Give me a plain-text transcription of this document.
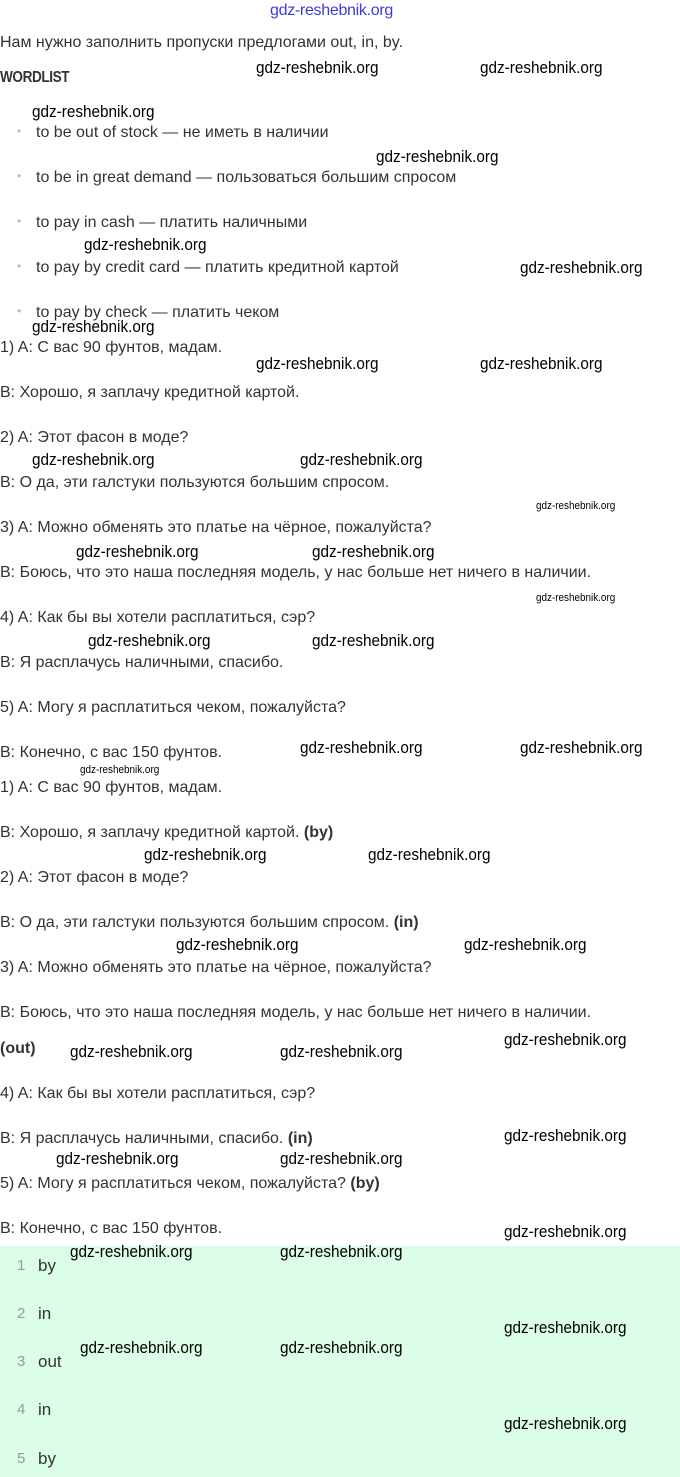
gdz-reshebnik.org
Нам нужно заполнить пропуски предлогами out, in, by.
WORDLIST
• to be out of stock — не иметь в наличии
• to be in great demand — пользоваться большим спросом
• to pay in cash — платить наличными
• to pay by credit card — платить кредитной картой
• to pay by check — платить чеком
1) A: С вас 90 фунтов, мадам.
B: Хорошо, я заплачу кредитной картой.
2) A: Этот фасон в моде?
B: О да, эти галстуки пользуются большим спросом.
3) A: Можно обменять это платье на чёрное, пожалуйста?
B: Боюсь, что это наша последняя модель, у нас больше нет ничего в наличии.
4) A: Как бы вы хотели расплатиться, сэр?
B: Я расплачусь наличными, спасибо.
5) A: Могу я расплатиться чеком, пожалуйста?
B: Конечно, с вас 150 фунтов.
1) A: С вас 90 фунтов, мадам.
B: Хорошо, я заплачу кредитной картой. (by)
2) A: Этот фасон в моде?
B: О да, эти галстуки пользуются большим спросом. (in)
3) A: Можно обменять это платье на чёрное, пожалуйста?
B: Боюсь, что это наша последняя модель, у нас больше нет ничего в наличии.
(out)
4) A: Как бы вы хотели расплатиться, сэр?
B: Я расплачусь наличными, спасибо. (in)
5) A: Могу я расплатиться чеком, пожалуйста? (by)
B: Конечно, с вас 150 фунтов.
1 by
2 in
3 out
4 in
5 by
gdz-reshebnik.org	gdz-reshebnik.org
gdz-reshebnik.org
gdz-reshebnik.org
gdz-reshebnik.org
gdz-reshebnik.org
gdz-reshebnik.org
gdz-reshebnik.org	gdz-reshebnik.org
gdz-reshebnik.org	gdz-reshebnik.org
gdz-reshebnik.org
gdz-reshebnik.org	gdz-reshebnik.org
gdz-reshebnik.org
gdz-reshebnik.org	gdz-reshebnik.org
gdz-reshebnik.org	gdz-reshebnik.org
gdz-reshebnik.org
gdz-reshebnik.org
gdz-reshebnik.org
gdz-reshebnik.org
gdz-reshebnik.org
gdz-reshebnik.org
gdz-reshebnik.org	gdz-reshebnik.org
gdz-reshebnik.org
gdz-reshebnik.org	gdz-reshebnik.org
gdz-reshebnik.org
gdz-reshebnik.org	gdz-reshebnik.org
gdz-reshebnik.org
gdz-reshebnik.org	gdz-reshebnik.org
gdz-reshebnik.org
